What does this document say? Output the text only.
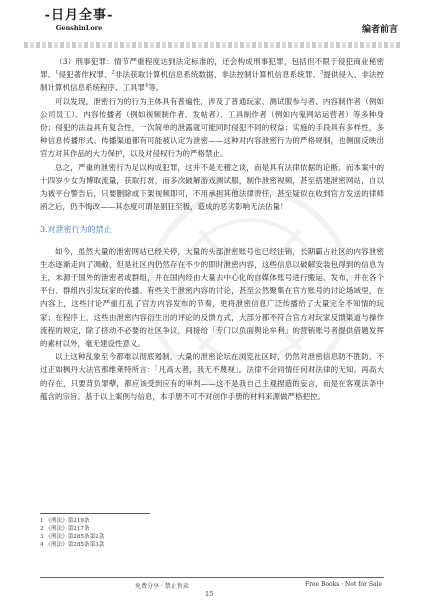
-日月全事-
GenshinLore	编者前言

（3）刑事犯罪：情节严重程度达到法定标准的，还会构成刑事犯罪，包括但不限于侵犯商业秘密罪、$^1$侵犯著作权罪、$^2$非法获取计算机信息系统数据、非法控制计算机信息系统罪、$^3$提供侵入、非法控制计算机信息系统程序、工具罪$^4$等。

可以发现，泄密行为的行为主体具有普遍性，涉及了普通玩家、测试服参与者、内容制作者（例如公司员工）、内容传播者（例如视频制作者、发帖者）、工具制作者（例如内鬼网站运营者）等多种身份；侵犯的法益具有复合性，一次简单的泄露就可能同时侵犯不同的权益；实施的手段具有多样性，多种信息传播形式、传播渠道都有可能被认定为泄密——这种对内容泄密行为的严格规制，也侧面反映出官方对其作品的大力保护，以及对侵权行为的严格禁止。

总之，严重的泄密行为足以构成犯罪，这并不是无稽之谈，而是具有法律依据的论断。而本案中的十四岁少女为博取流量，获取打赏，而多次破解游戏测试服，制作泄密视频，甚至搭建泄密网站，自以为被平台警告后，只要删除或下架视频即可，不用承担其他法律责任，甚至疑似在收到官方发送的律师函之后，仍不悔改——其态度可谓是猖狂至极，造成的恶劣影响无法估量！

3.对泄密行为的禁止

如今，虽然大量的泄密网站已经关停，大量的头部泄密账号也已经注销，长期霸占社区的内容泄密生态逐渐走向了凋敝，但是社区内仍然存在不少的即时泄密内容，这些信息以破解安装包得到的信息为主，未源于国外的泄密者或群组，并在国内经由大量去中心化的自媒体账号进行搬运、发布，并在各个平台、群组内引发玩家的传播。有些关于泄密内容的讨论，甚至公然聚集在官方账号的讨论场域里，在内容上，这些讨论严重打乱了官方内容发布的节奏，更将泄密信息广泛传播给了大量完全不知情的玩家；在程序上，这些由泄密内容衍生出的评论的反馈方式，大部分都不符合官方对玩家反馈渠道与操作流程的规定，除了挤动不必要的社区争议，间接给「专门以负面舆论牟利」的营销账号者提供借题发挥的素材以外，毫无建设性意义。

以上这种乱象至今都难以彻底遏制，大量的泄密论坛在浏览社区时，仍然对泄密信息防不胜防。不过正如枫丹大法官那维莱特所言：「凡高大者，我无不蔑视」。法律不会同情任何对法律的无知。再高大的存在，只要背负罪孽，都应该受到应有的审判——这不是我自己主观捏造的妄言，而是在客观法条中蕴含的宗旨。基于以上案例与信息，本手册不可不对创作手册的材料来源做严格把控。

1 《刑法》第219条
2 《刑法》第217条
3 《刑法》第285条第2款
4 《刑法》第285条第3款
免费分享 · 禁止售卖	Free Books · Not for Sale
15
